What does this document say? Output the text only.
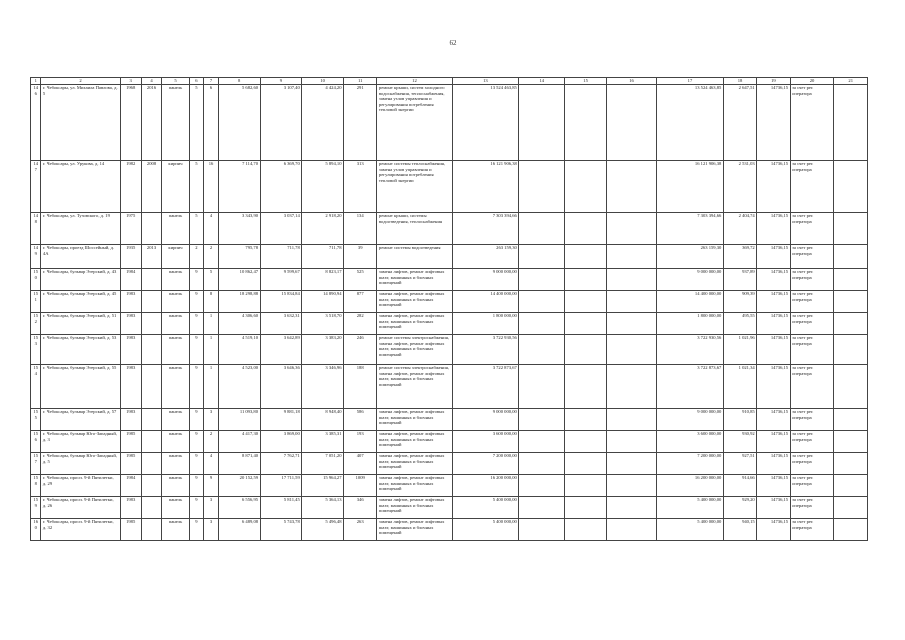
62
1	2	3	4	5	6	7	8	9	10	11	12	13	14	15	16	17	18	19	20	21
146	г. Чебоксары, ул. Михаила Павлова, д. 5	1968	2016	панель	5	6	5 682,60	3 107,40	4 424,20	291	ремонт крыши, систем холодного водоснабжения, теплоснабжения, замена узлов управления и регулирования потребления тепловой энергии	13 524 463,85				13 524 463,85	2 647,51	14736,15	за счет рег. оператора	
147	г. Чебоксары, ул. Урукова, д. 14	1982	2008	кирпич	5	16	7 114,70	6 369,70	5 894,10	313	ремонт системы теплоснабжения, замена узлов управления и регулирования потребления тепловой энергии	16 121 906,38				16 121 906,38	2 531,03	14736,15	за счет рег. оператора	
148	г. Чебоксары, ул. Тузовского, д. 19	1975		панель	5	4	3 343,90	3 037,14	2 918,20	134	ремонт крыши, системы водоотведения, теплоснабжения	7 303 394,66				7 303 394,66	2 404,74	14736,15	за счет рег. оператора	
149	г. Чебоксары, проезд Шоссейный, д. 4А	1935	2013	кирпич	2	2	795,78	711,78	711,78	39	ремонт системы водоотведения	263 159,30				263 159,30	369,72	14736,15	за счет рег. оператора	
150	г. Чебоксары, бульвар Эгерский, д. 43	1984		панель	9	5	10 862,47	9 599,67	8 823,17	525	замена лифтов, ремонт лифтовых шахт, машинных и блочных помещений	9 000 000,00				9 000 000,00	937,89	14736,15	за счет рег. оператора	
151	г. Чебоксары, бульвар Эгерский, д. 45	1983		панель	9	8	18 298,88	15 834,84	14 890,94	877	замена лифтов, ремонт лифтовых шахт, машинных и блочных помещений	14 400 000,00				14 400 000,00	909,39	14736,15	за счет рег. оператора	
152	г. Чебоксары, бульвар Эгерский, д. 51	1983		панель	9	1	4 306,60	3 632,31	3 518,70	282	замена лифтов, ремонт лифтовых шахт, машинных и блочных помещений	1 800 000,00				1 800 000,00	495,55	14736,15	за счет рег. оператора	
153	г. Чебоксары, бульвар Эгерский, д. 53	1983		панель	9	1	4 519,10	3 642,89	3 383,20	246	ремонт системы электроснабжения, замена лифтов, ремонт лифтовых шахт, машинных и блочных помещений	3 722 930,56				3 722 930,56	1 021,96	14736,15	за счет рег. оператора	
154	г. Чебоксары, бульвар Эгерский, д. 55	1983		панель	9	1	4 523,00	3 646,36	3 346,96	188	ремонт системы электроснабжения, замена лифтов, ремонт лифтовых шахт, машинных и блочных помещений	3 722 873,67				3 722 873,67	1 021,34	14736,15	за счет рег. оператора	
155	г. Чебоксары, бульвар Эгерский, д. 57	1983		панель	9	3	11 093,80	9 881,18	8 948,40	586	замена лифтов, ремонт лифтовых шахт, машинных и блочных помещений	9 000 000,00				9 000 000,00	910,85	14736,15	за счет рег. оператора	
156	г. Чебоксары, бульвар Юго-Западный, д. 3	1985		панель	9	2	4 417,30	3 869,00	3 385,31	193	замена лифтов, ремонт лифтовых шахт, машинных и блочных помещений	3 600 000,00				3 600 000,00	930,92	14736,15	за счет рег. оператора	
157	г. Чебоксары, бульвар Юго-Западный, д. 5	1985		панель	9	4	8 871,40	7 762,71	7 051,20	407	замена лифтов, ремонт лифтовых шахт, машинных и блочных помещений	7 200 000,00				7 200 000,00	927,51	14736,15	за счет рег. оператора	
158	г. Чебоксары, просп. 9-й Пятилетки, д. 29	1984		панель	9	9	20 152,59	17 711,59	15 964,27	1009	замена лифтов, ремонт лифтовых шахт, машинных и блочных помещений	16 200 000,00				16 200 000,00	914,66	14736,15	за счет рег. оператора	
159	г. Чебоксары, просп. 9-й Пятилетки, д. 26	1983		панель	9	3	6 556,95	5 811,45	5 364,13	346	замена лифтов, ремонт лифтовых шахт, машинных и блочных помещений	5 400 000,00				5 400 000,00	929,20	14736,15	за счет рег. оператора	
160	г. Чебоксары, просп. 9-й Пятилетки, д. 32	1985		панель	9	3	6 489,08	5 743,78	5 496,48	263	замена лифтов, ремонт лифтовых шахт, машинных и блочных помещений	5 400 000,00				5 400 000,00	940,15	14736,15	за счет рег. оператора	
